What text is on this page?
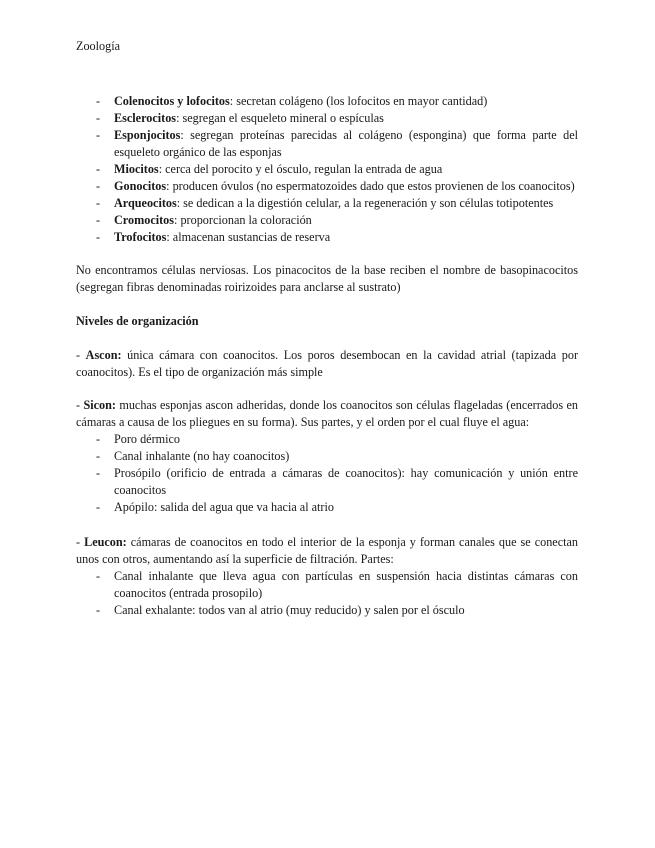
Zoología
- Colenocitos y lofocitos: secretan colágeno (los lofocitos en mayor cantidad)
- Esclerocitos: segregan el esqueleto mineral o espículas
- Esponjocitos: segregan proteínas parecidas al colágeno (espongina) que forma parte del esqueleto orgánico de las esponjas
- Miocitos: cerca del porocito y el ósculo, regulan la entrada de agua
- Gonocitos: producen óvulos (no espermatozoides dado que estos provienen de los coanocitos)
- Arqueocitos: se dedican a la digestión celular, a la regeneración y son células totipotentes
- Cromocitos: proporcionan la coloración
- Trofocitos: almacenan sustancias de reserva

No encontramos células nerviosas. Los pinacocitos de la base reciben el nombre de basopinacocitos (segregan fibras denominadas roirizoides para anclarse al sustrato)

Niveles de organización

- Ascon: única cámara con coanocitos. Los poros desembocan en la cavidad atrial (tapizada por coanocitos). Es el tipo de organización más simple

- Sicon: muchas esponjas ascon adheridas, donde los coanocitos son células flageladas (encerrados en cámaras a causa de los pliegues en su forma). Sus partes, y el orden por el cual fluye el agua:

- Poro dérmico
- Canal inhalante (no hay coanocitos)
- Prosópilo (orificio de entrada a cámaras de coanocitos): hay comunicación y unión entre coanocitos
- Apópilo: salida del agua que va hacia al atrio

- Leucon: cámaras de coanocitos en todo el interior de la esponja y forman canales que se conectan unos con otros, aumentando así la superficie de filtración. Partes:

- Canal inhalante que lleva agua con partículas en suspensión hacia distintas cámaras con coanocitos (entrada prosopilo)
- Canal exhalante: todos van al atrio (muy reducido) y salen por el ósculo
